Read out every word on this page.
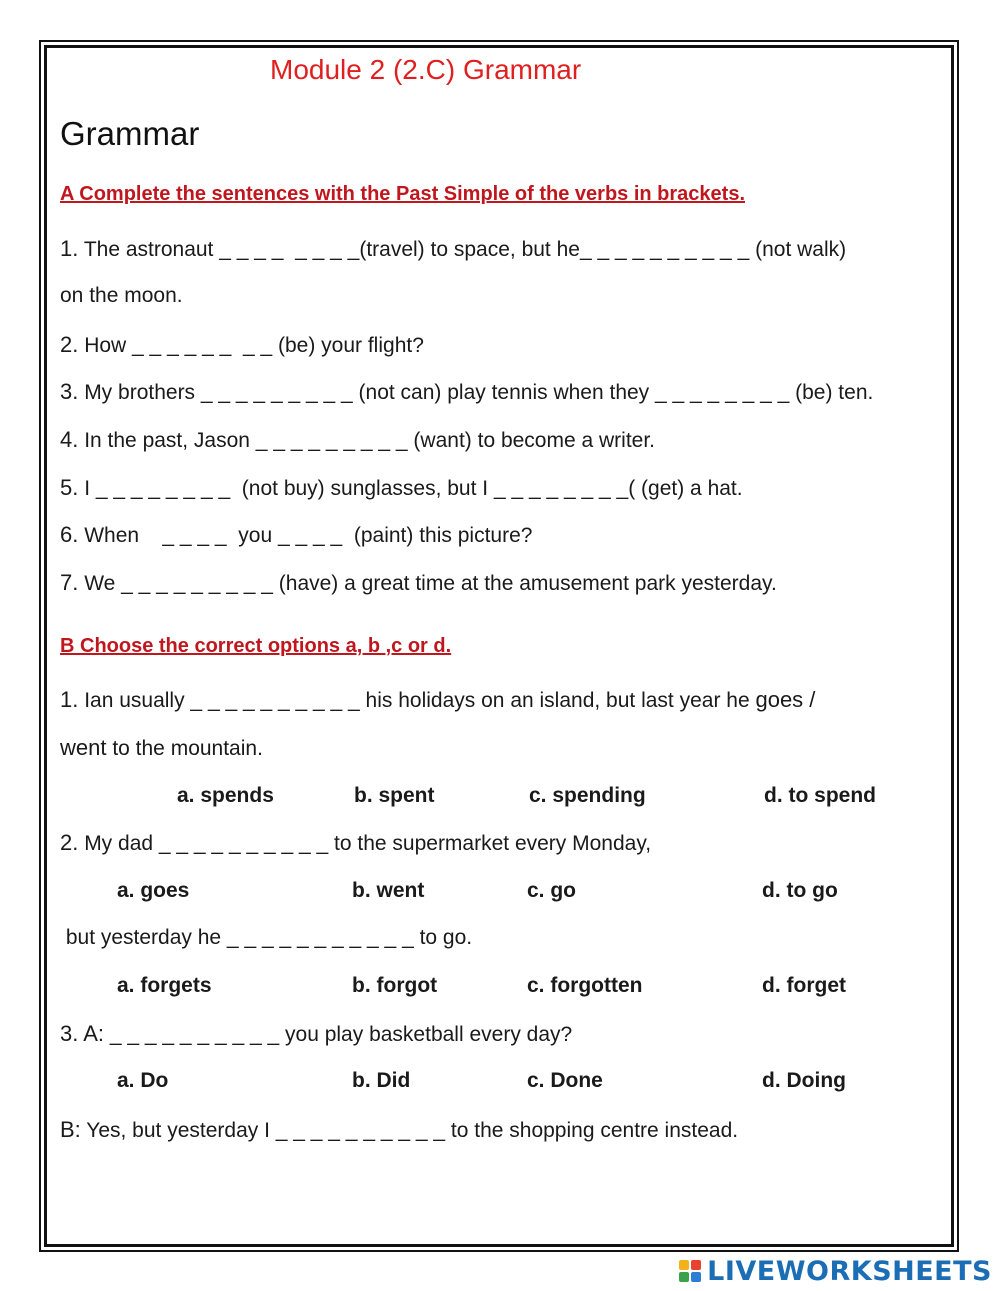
Module 2 (2.C) Grammar
Grammar
A Complete the sentences with the Past Simple of the verbs in brackets.
1. The astronaut _ _ _ _  _ _ _ _(travel) to space, but he_ _ _ _ _ _ _ _ _ _ (not walk)
on the moon.
2. How _ _ _ _ _ _  _ _ (be) your flight?
3. My brothers _ _ _ _ _ _ _ _ _ (not can) play tennis when they _ _ _ _ _ _ _ _ (be) ten.
4. In the past, Jason _ _ _ _ _ _ _ _ _ (want) to become a writer.
5. I _ _ _ _ _ _ _ _  (not buy) sunglasses, but I _ _ _ _ _ _ _ _( (get) a hat.
6. When    _ _ _ _  you _ _ _ _  (paint) this picture?
7. We _ _ _ _ _ _ _ _ _ (have) a great time at the amusement park yesterday.
B Choose the correct options a, b ,c or d.
1. Ian usually _ _ _ _ _ _ _ _ _ _ his holidays on an island, but last year he goes /
went to the mountain.
a. spends	b. spent	c. spending	d. to spend
2. My dad _ _ _ _ _ _ _ _ _ _ to the supermarket every Monday,
a. goes	b. went	c. go	d. to go
but yesterday he _ _ _ _ _ _ _ _ _ _ _ to go.
a. forgets	b. forgot	c. forgotten	d. forget
3. A: _ _ _ _ _ _ _ _ _ _ you play basketball every day?
a. Do	b. Did	c. Done	d. Doing
B: Yes, but yesterday I _ _ _ _ _ _ _ _ _ _ to the shopping centre instead.
LIVEWORKSHEETS
